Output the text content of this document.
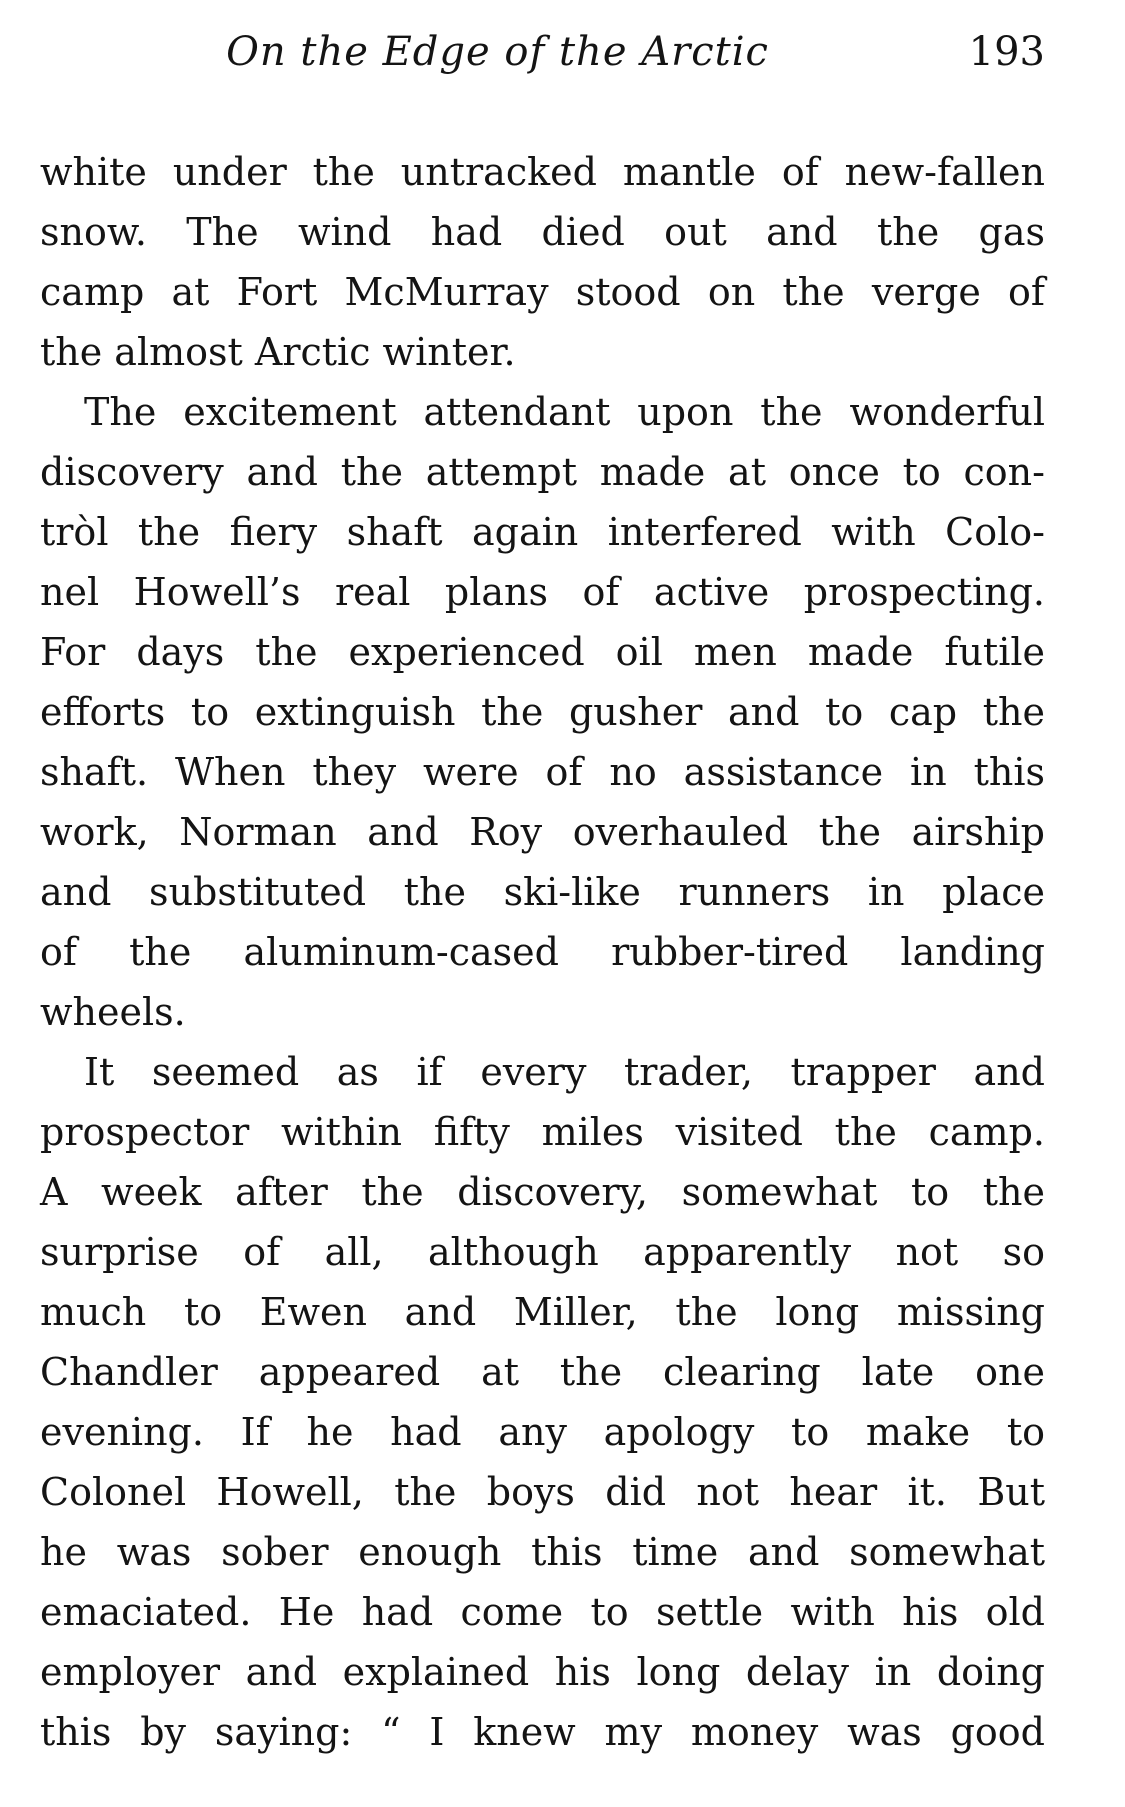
On the Edge of the Arctic	193
white under the untracked mantle of new-fallen
snow. The wind had died out and the gas
camp at Fort McMurray stood on the verge of
the almost Arctic winter.
The excitement attendant upon the wonderful
discovery and the attempt made at once to con-
tròl the fiery shaft again interfered with Colo-
nel Howell’s real plans of active prospecting.
For days the experienced oil men made futile
efforts to extinguish the gusher and to cap the
shaft. When they were of no assistance in this
work, Norman and Roy overhauled the airship
and substituted the ski-like runners in place
of the aluminum-cased rubber-tired landing
wheels.
It seemed as if every trader, trapper and
prospector within fifty miles visited the camp.
A week after the discovery, somewhat to the
surprise of all, although apparently not so
much to Ewen and Miller, the long missing
Chandler appeared at the clearing late one
evening. If he had any apology to make to
Colonel Howell, the boys did not hear it. But
he was sober enough this time and somewhat
emaciated. He had come to settle with his old
employer and explained his long delay in doing
this by saying: “ I knew my money was good
